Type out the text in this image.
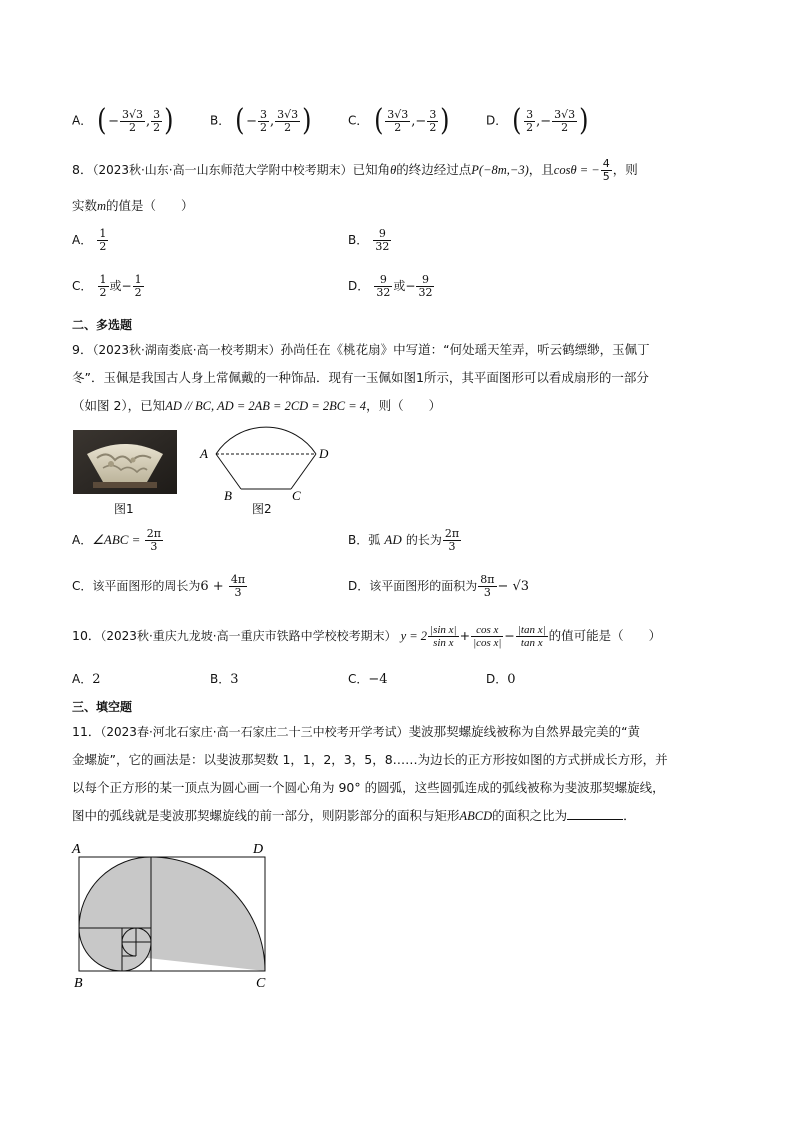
A． ( − $\frac{3√3}{2}$ , $\frac{3}{2}$ )	B． ( − $\frac{3}{2}$ , $\frac{3√3}{2}$ )	C． ( $\frac{3√3}{2}$ , − $\frac{3}{2}$ )	D． ( $\frac{3}{2}$ , − $\frac{3√3}{2}$ )
8．（2023秋·山东·高一山东师范大学附中校考期末）已知角θ的终边经过点P(−8m,−3)，且cosθ = − $\frac{4}{5}$ ，则
实数m的值是（　　）
A． $\frac{1}{2}$	B． $\frac{9}{32}$
C． $\frac{1}{2}$ 或− $\frac{1}{2}$	D． $\frac{9}{32}$ 或− $\frac{9}{32}$
二、多选题
9．（2023秋·湖南娄底·高一校考期末）孙尚任在《桃花扇》中写道：“何处瑶天笙弄，听云鹤缥缈，玉佩丁
冬”．玉佩是我国古人身上常佩戴的一种饰品．现有一玉佩如图1所示，其平面图形可以看成扇形的一部分
（如图 2），已知AD // BC, AD = 2AB = 2CD = 2BC = 4，则（　　）
图1
A	D
B	C
图2
A．∠ABC = $\frac{2\pi}{3}$	B．弧 AD 的长为 $\frac{2\pi}{3}$
C．该平面图形的周长为$6 + \frac{4\pi}{3}$	D．该平面图形的面积为 $\frac{8\pi}{3} - √3$
10．（2023秋·重庆九龙坡·高一重庆市铁路中学校校考期末） $y = 2 \frac{\text{|sin x|}}{\text{sin x}} + \frac{\text{cos x}}{\text{|cos x|}} - \frac{\text{|tan x|}}{\text{tan x}}$ 的值可能是（　　）
A．2	B．3	C．−4	D．0
三、填空题
11．（2023春·河北石家庄·高一石家庄二十三中校考开学考试）斐波那契螺旋线被称为自然界最完美的“黄
金螺旋”，它的画法是：以斐波那契数 1，1，2，3，5，8……为边长的正方形按如图的方式拼成长方形，并
以每个正方形的某一顶点为圆心画一个圆心角为 90° 的圆弧，这些圆弧连成的弧线被称为斐波那契螺旋线，
图中的弧线就是斐波那契螺旋线的前一部分，则阴影部分的面积与矩形ABCD的面积之比为	．
A	D
B	C
